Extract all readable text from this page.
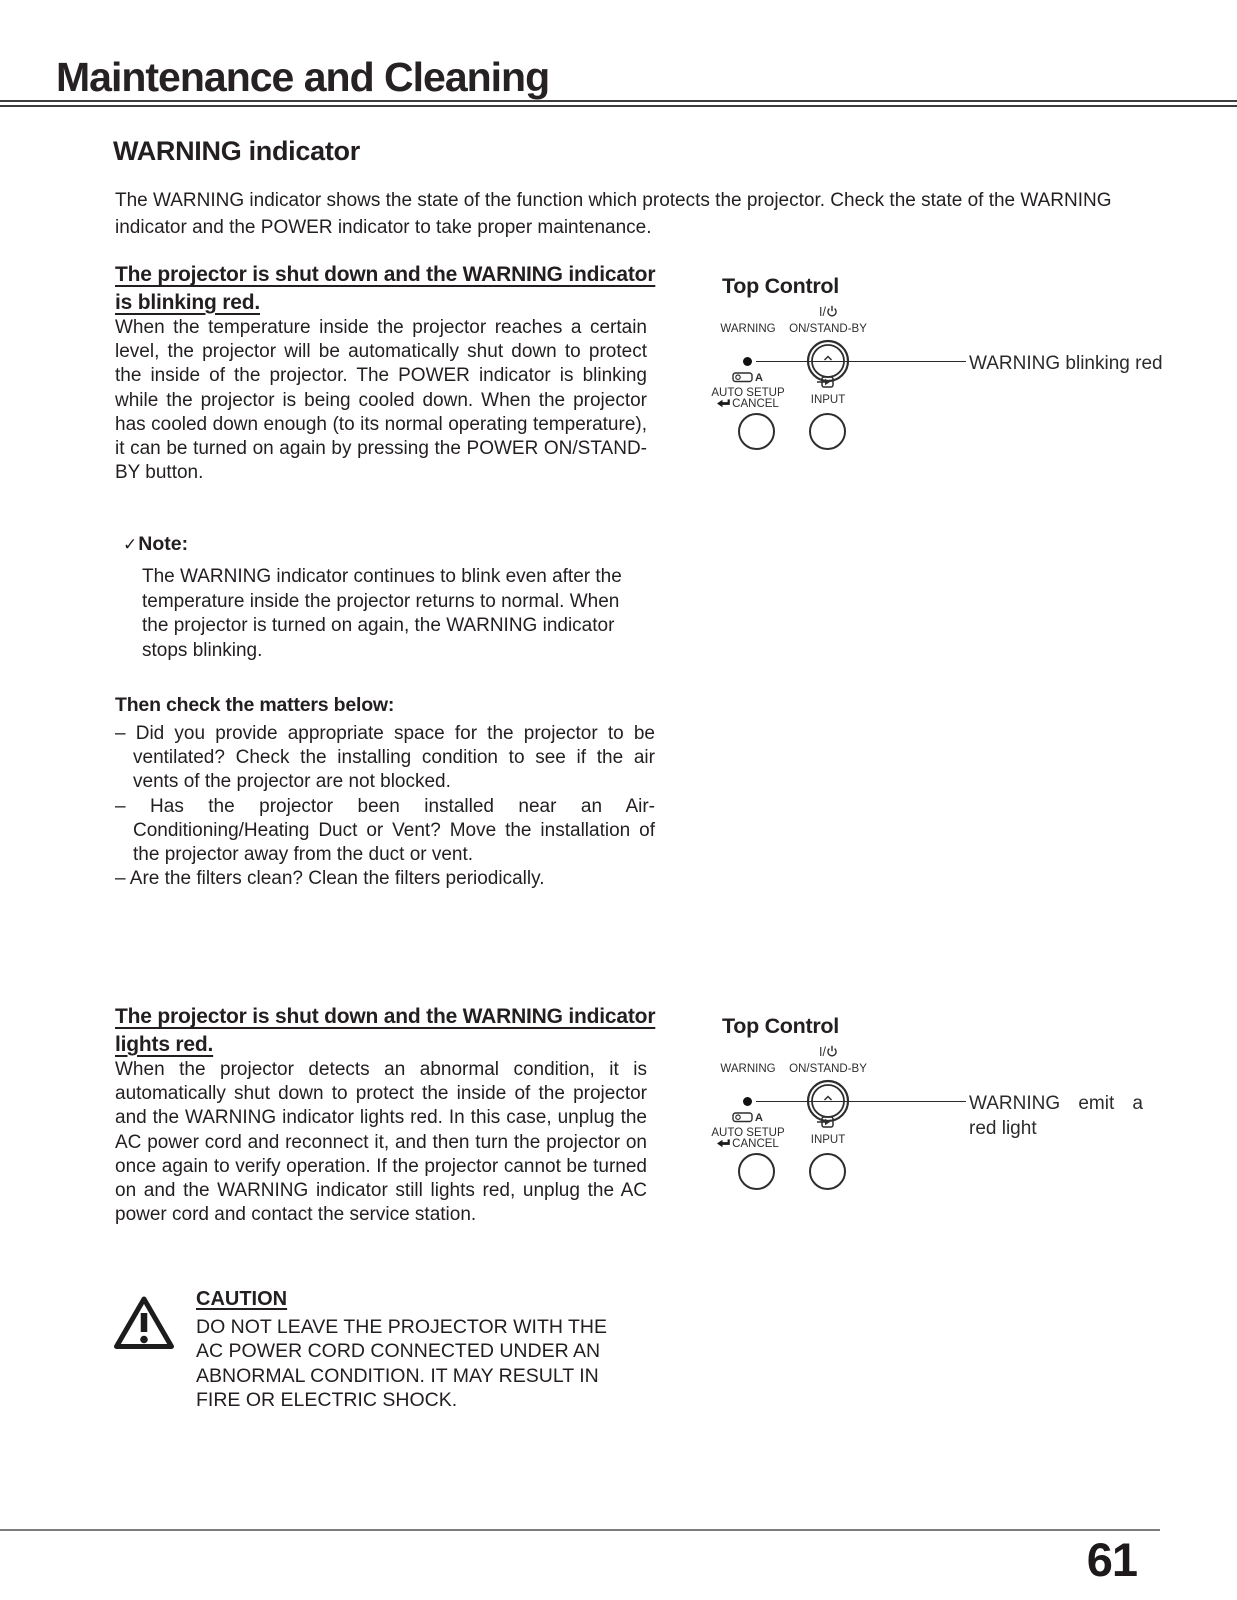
Maintenance and Cleaning
WARNING indicator

The WARNING indicator shows the state of the function which protects the projector. Check the state of the WARNING indicator and the POWER indicator to take proper maintenance.

The projector is shut down and the WARNING indicator is blinking red.

When the temperature inside the projector reaches a certain level, the projector will be automatically shut down to protect the inside of the projector. The POWER indicator is blinking while the projector is being cooled down. When the projector has cooled down enough (to its normal operating temperature), it can be turned on again by pressing the POWER ON/STAND-BY button.

✓Note:

The WARNING indicator continues to blink even after the temperature inside the projector returns to normal. When the projector is turned on again, the WARNING indicator stops blinking.

Then check the matters below:
– Did you provide appropriate space for the projector to be ventilated? Check the installing condition to see if the air vents of the projector are not blocked.
– Has the projector been installed near an Air-Conditioning/Heating Duct or Vent? Move the installation of the projector away from the duct or vent.
– Are the filters clean? Clean the filters periodically.
The projector is shut down and the WARNING indicator lights red.

When the projector detects an abnormal condition, it is automatically shut down to protect the inside of the projector and the WARNING indicator lights red. In this case, unplug the AC power cord and reconnect it, and then turn the projector on once again to verify operation. If the projector cannot be turned on and the WARNING indicator still lights red, unplug the AC power cord and contact the service station.

CAUTION

DO NOT LEAVE THE PROJECTOR WITH THE AC POWER CORD CONNECTED UNDER AN ABNORMAL CONDITION. IT MAY RESULT IN FIRE OR ELECTRIC SHOCK.

Top Control
I/
WARNING	ON/STAND-BY
WARNING blinking red
A
AUTO SETUP
CANCEL	INPUT
Top Control
I/
WARNING	ON/STAND-BY
WARNING emit a red light
A
AUTO SETUP
CANCEL	INPUT
61
